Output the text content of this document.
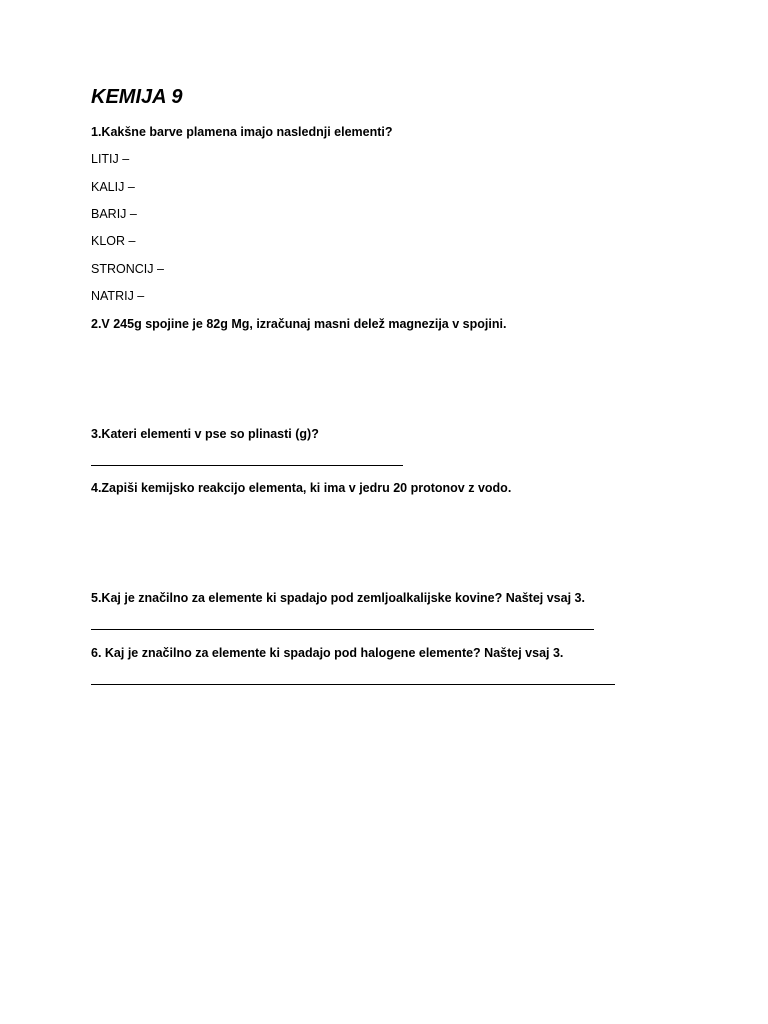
KEMIJA 9
1.Kakšne barve plamena imajo naslednji elementi?
LITIJ –
KALIJ –
BARIJ –
KLOR –
STRONCIJ –
NATRIJ –
2.V 245g spojine je 82g Mg, izračunaj masni delež magnezija v spojini.
3.Kateri elementi v pse so plinasti (g)?
4.Zapiši kemijsko reakcijo elementa, ki ima v jedru 20 protonov z vodo.
5.Kaj je značilno za elemente ki spadajo pod zemljoalkalijske kovine? Naštej vsaj 3.
6. Kaj je značilno za elemente ki spadajo pod halogene elemente? Naštej vsaj 3.
